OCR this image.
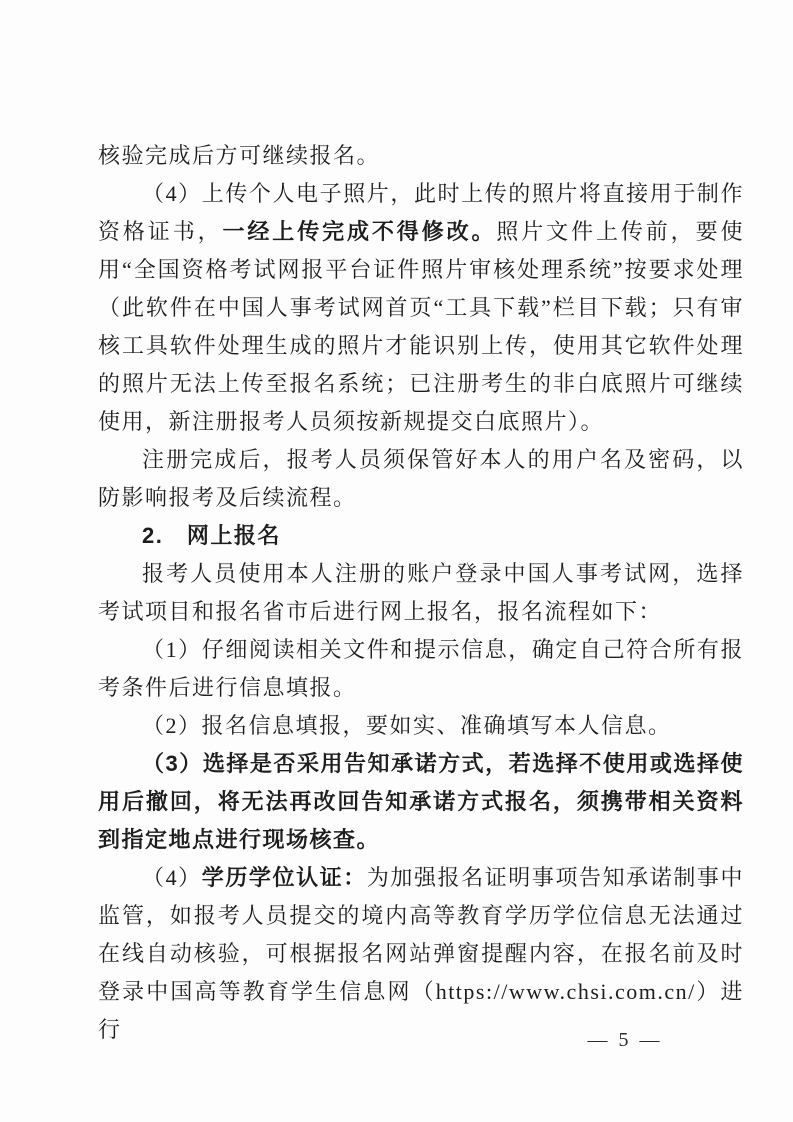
核验完成后方可继续报名。

（4）上传个人电子照片，此时上传的照片将直接用于制作资格证书，一经上传完成不得修改。照片文件上传前，要使用“全国资格考试网报平台证件照片审核处理系统”按要求处理（此软件在中国人事考试网首页“工具下载”栏目下载；只有审核工具软件处理生成的照片才能识别上传，使用其它软件处理的照片无法上传至报名系统；已注册考生的非白底照片可继续使用，新注册报考人员须按新规提交白底照片）。

注册完成后，报考人员须保管好本人的用户名及密码，以防影响报考及后续流程。

2.　网上报名

报考人员使用本人注册的账户登录中国人事考试网，选择考试项目和报名省市后进行网上报名，报名流程如下：

（1）仔细阅读相关文件和提示信息，确定自己符合所有报考条件后进行信息填报。

（2）报名信息填报，要如实、准确填写本人信息。

（3）选择是否采用告知承诺方式，若选择不使用或选择使用后撤回，将无法再改回告知承诺方式报名，须携带相关资料到指定地点进行现场核查。

（4）学历学位认证：为加强报名证明事项告知承诺制事中监管，如报考人员提交的境内高等教育学历学位信息无法通过在线自动核验，可根据报名网站弹窗提醒内容，在报名前及时登录中国高等教育学生信息网（https://www.chsi.com.cn/）进行	— 5 —
